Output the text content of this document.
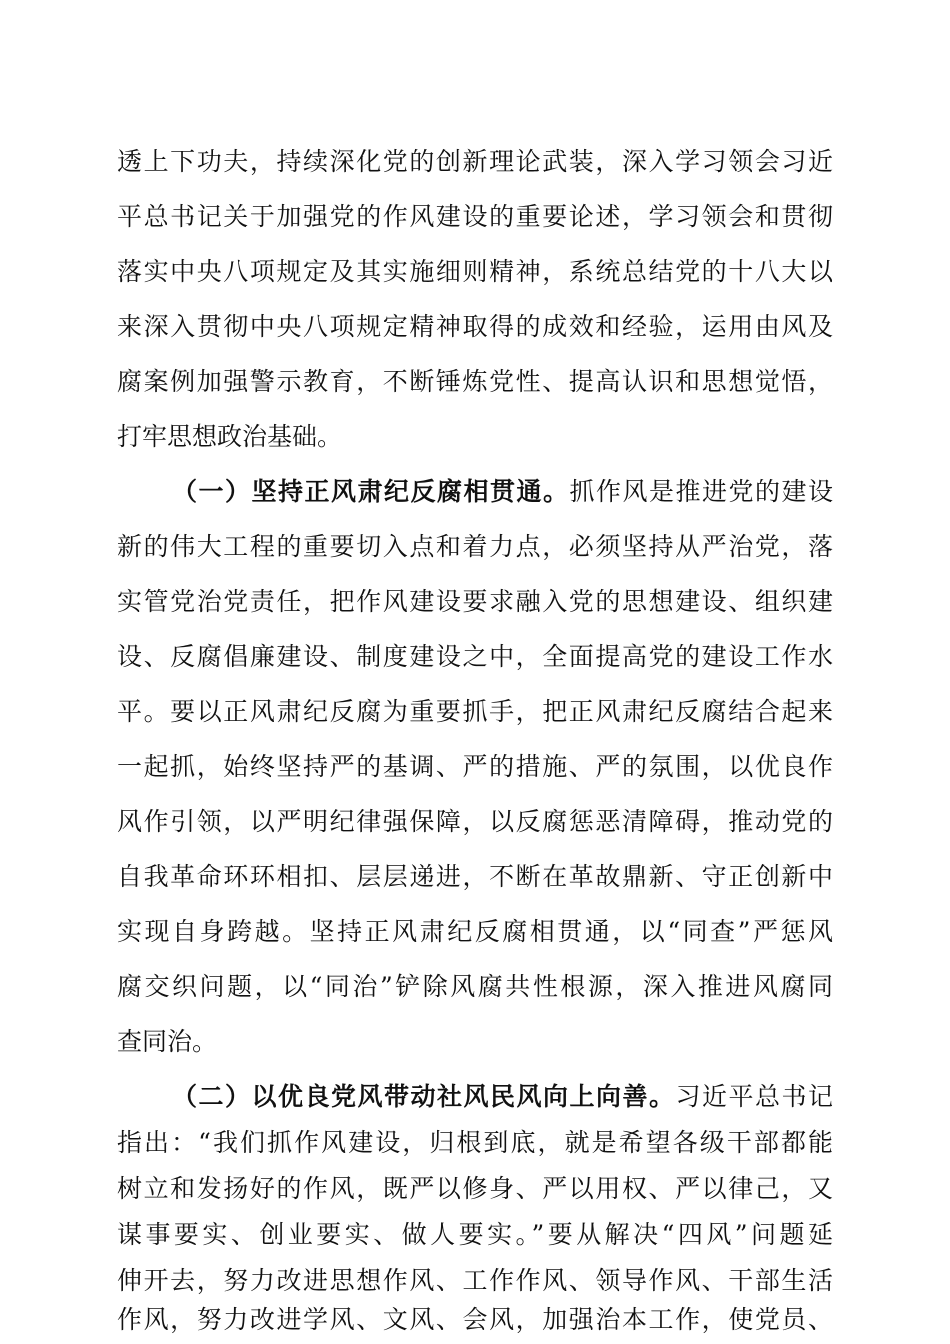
透上下功夫，持续深化党的创新理论武装，深入学习领会习近
平总书记关于加强党的作风建设的重要论述，学习领会和贯彻
落实中央八项规定及其实施细则精神，系统总结党的十八大以
来深入贯彻中央八项规定精神取得的成效和经验，运用由风及
腐案例加强警示教育，不断锤炼党性、提高认识和思想觉悟，
打牢思想政治基础。
（一）坚持正风肃纪反腐相贯通。抓作风是推进党的建设
新的伟大工程的重要切入点和着力点，必须坚持从严治党，落
实管党治党责任，把作风建设要求融入党的思想建设、组织建
设、反腐倡廉建设、制度建设之中，全面提高党的建设工作水
平。要以正风肃纪反腐为重要抓手，把正风肃纪反腐结合起来
一起抓，始终坚持严的基调、严的措施、严的氛围，以优良作
风作引领，以严明纪律强保障，以反腐惩恶清障碍，推动党的
自我革命环环相扣、层层递进，不断在革故鼎新、守正创新中
实现自身跨越。坚持正风肃纪反腐相贯通，以“同查”严惩风
腐交织问题，以“同治”铲除风腐共性根源，深入推进风腐同
查同治。
（二）以优良党风带动社风民风向上向善。习近平总书记
指出：“我们抓作风建设，归根到底，就是希望各级干部都能
树立和发扬好的作风，既严以修身、严以用权、严以律己，又
谋事要实、创业要实、做人要实。”要从解决“四风”问题延
伸开去，努力改进思想作风、工作作风、领导作风、干部生活
作风，努力改进学风、文风、会风，加强治本工作，使党员、
